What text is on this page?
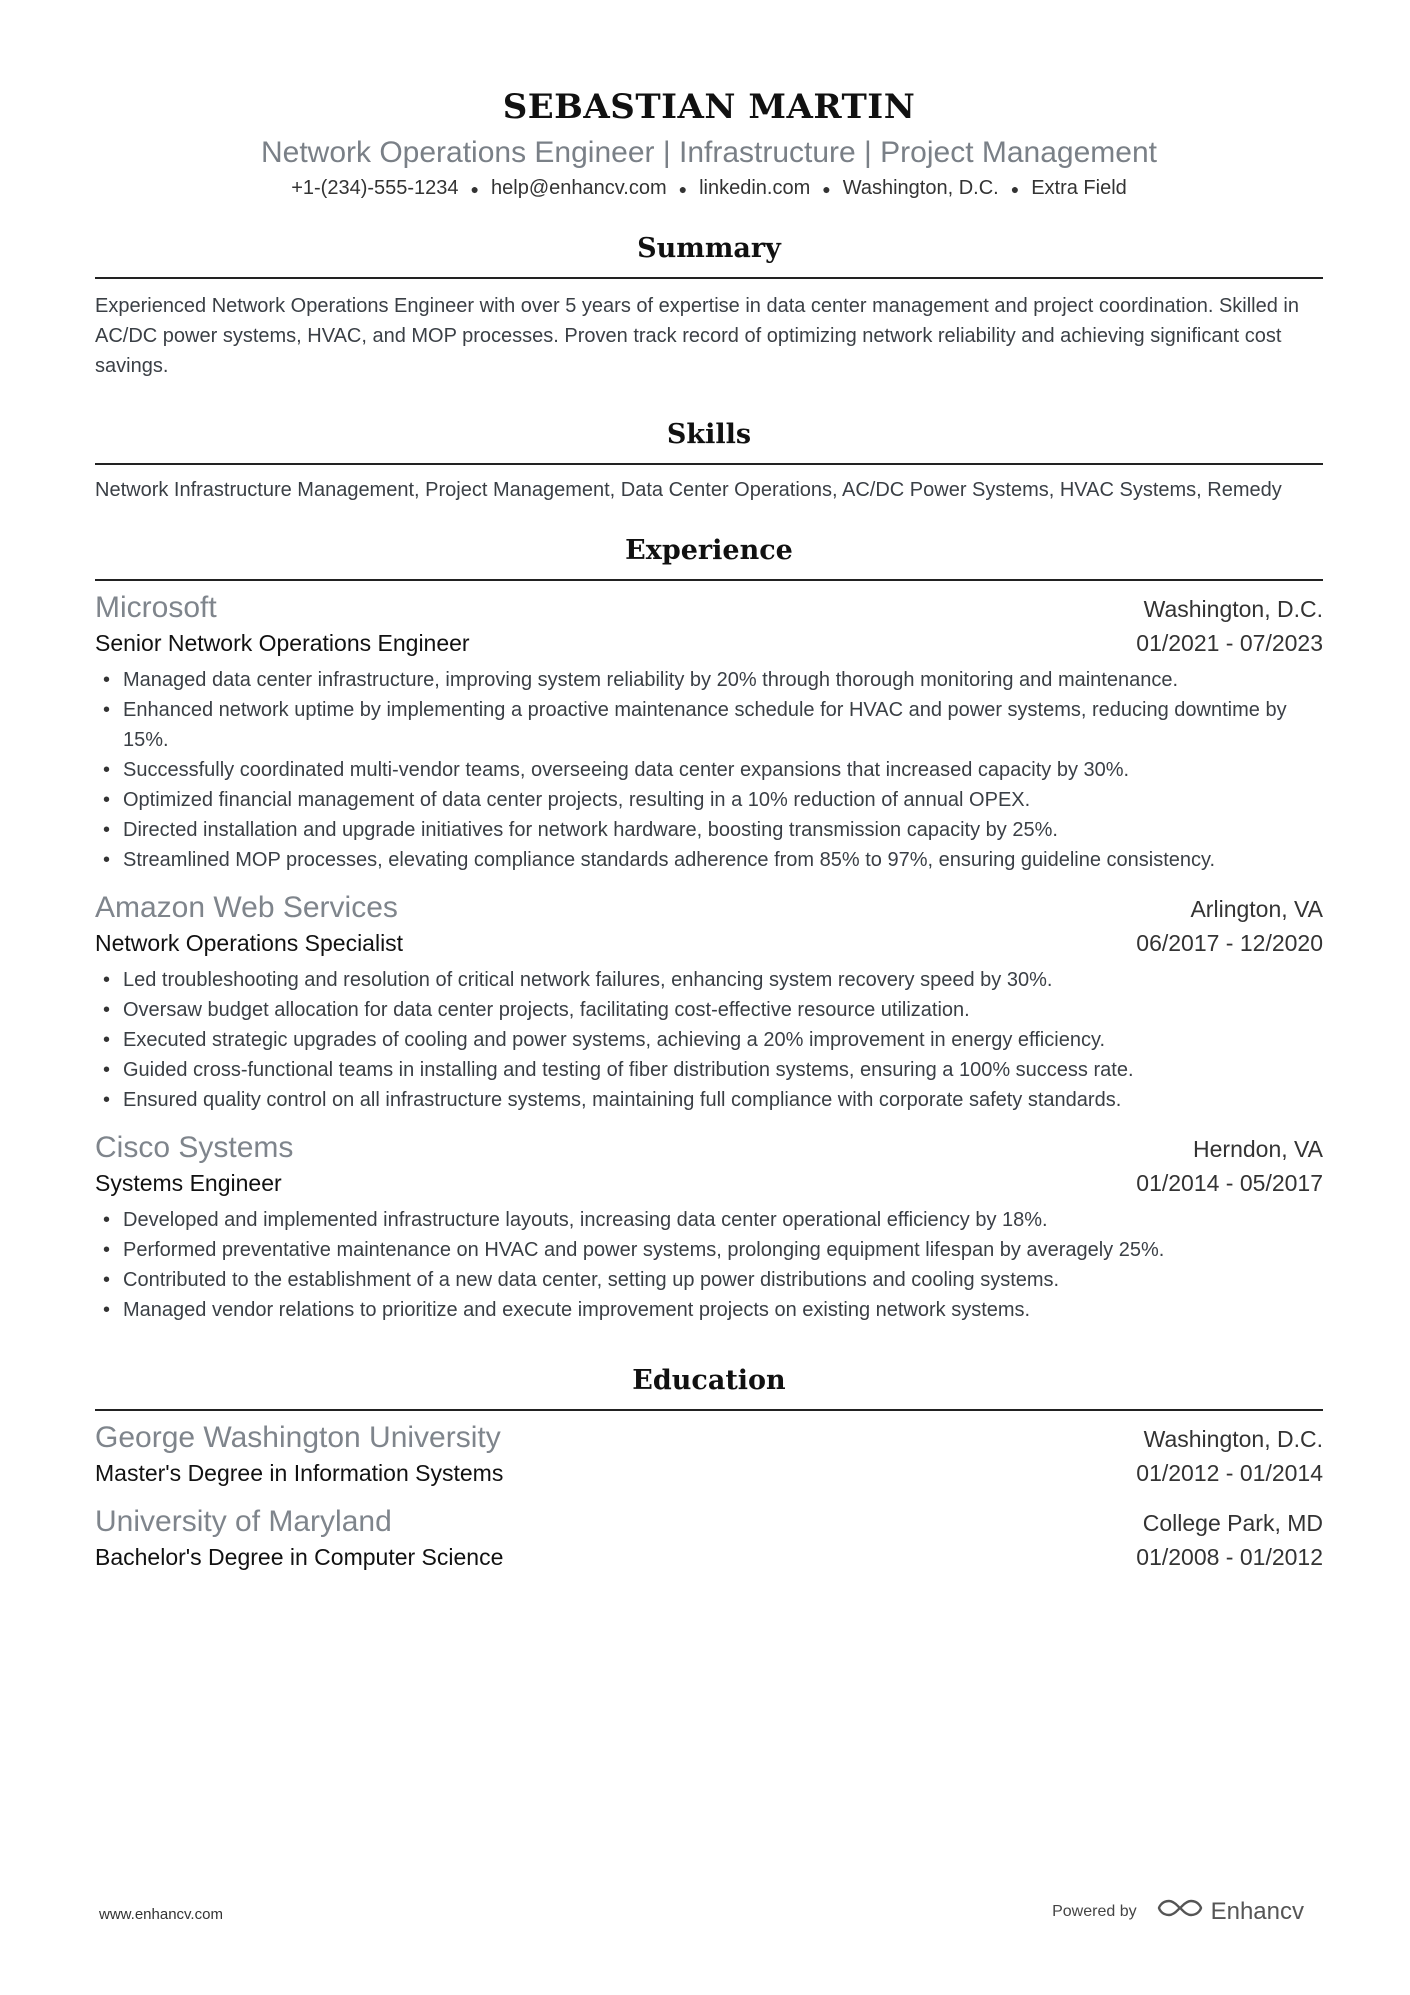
SEBASTIAN MARTIN
Network Operations Engineer | Infrastructure | Project Management
+1-(234)-555-1234 ● help@enhancv.com ● linkedin.com ● Washington, D.C. ● Extra Field
Summary
Experienced Network Operations Engineer with over 5 years of expertise in data center management and project coordination. Skilled in AC/DC power systems, HVAC, and MOP processes. Proven track record of optimizing network reliability and achieving significant cost savings.
Skills
Network Infrastructure Management, Project Management, Data Center Operations, AC/DC Power Systems, HVAC Systems, Remedy
Experience
Microsoft	Washington, D.C.
Senior Network Operations Engineer	01/2021 - 07/2023
• Managed data center infrastructure, improving system reliability by 20% through thorough monitoring and maintenance.
• Enhanced network uptime by implementing a proactive maintenance schedule for HVAC and power systems, reducing downtime by 15%.
• Successfully coordinated multi-vendor teams, overseeing data center expansions that increased capacity by 30%.
• Optimized financial management of data center projects, resulting in a 10% reduction of annual OPEX.
• Directed installation and upgrade initiatives for network hardware, boosting transmission capacity by 25%.
• Streamlined MOP processes, elevating compliance standards adherence from 85% to 97%, ensuring guideline consistency.
Amazon Web Services	Arlington, VA
Network Operations Specialist	06/2017 - 12/2020
• Led troubleshooting and resolution of critical network failures, enhancing system recovery speed by 30%.
• Oversaw budget allocation for data center projects, facilitating cost-effective resource utilization.
• Executed strategic upgrades of cooling and power systems, achieving a 20% improvement in energy efficiency.
• Guided cross-functional teams in installing and testing of fiber distribution systems, ensuring a 100% success rate.
• Ensured quality control on all infrastructure systems, maintaining full compliance with corporate safety standards.
Cisco Systems	Herndon, VA
Systems Engineer	01/2014 - 05/2017
• Developed and implemented infrastructure layouts, increasing data center operational efficiency by 18%.
• Performed preventative maintenance on HVAC and power systems, prolonging equipment lifespan by averagely 25%.
• Contributed to the establishment of a new data center, setting up power distributions and cooling systems.
• Managed vendor relations to prioritize and execute improvement projects on existing network systems.
Education
George Washington University	Washington, D.C.
Master's Degree in Information Systems	01/2012 - 01/2014
University of Maryland	College Park, MD
Bachelor's Degree in Computer Science	01/2008 - 01/2012
www.enhancv.com	Powered by	Enhancv
